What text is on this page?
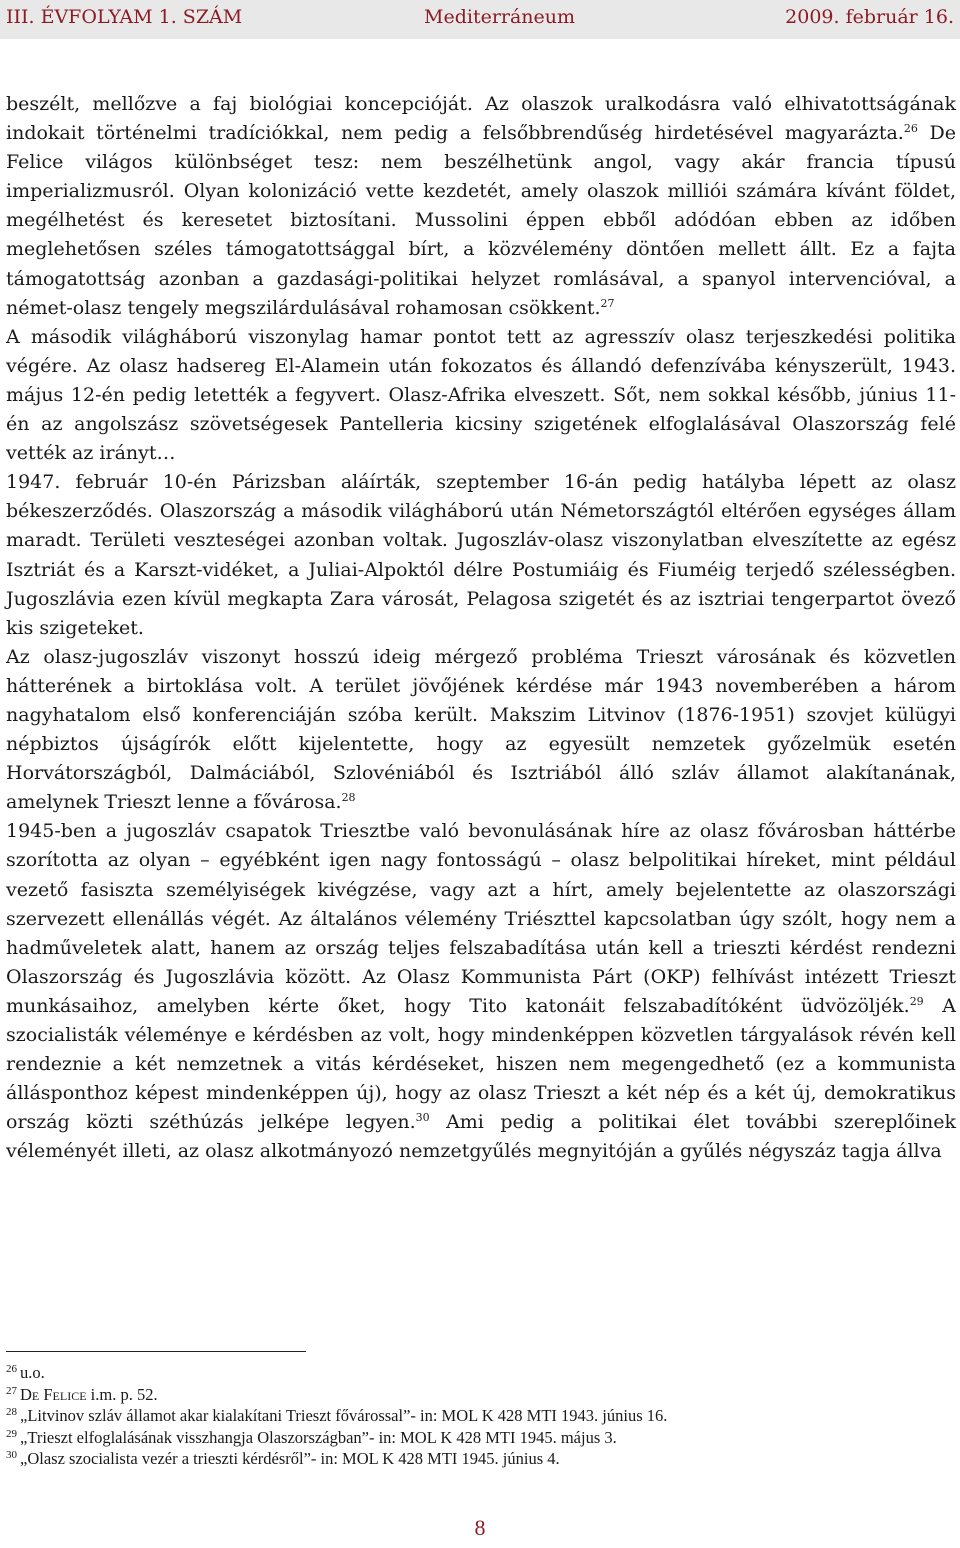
III. ÉVFOLYAM 1. SZÁM	Mediterráneum	2009. február 16.

beszélt, mellőzve a faj biológiai koncepcióját. Az olaszok uralkodásra való elhivatottságának indokait történelmi tradíciókkal, nem pedig a felsőbbrendűség hirdetésével magyarázta.$^{26}$ De Felice világos különbséget tesz: nem beszélhetünk angol, vagy akár francia típusú imperializmusról. Olyan kolonizáció vette kezdetét, amely olaszok milliói számára kívánt földet, megélhetést és keresetet biztosítani. Mussolini éppen ebből adódóan ebben az időben meglehetősen széles támogatottsággal bírt, a közvélemény döntően mellett állt. Ez a fajta támogatottság azonban a gazdasági-politikai helyzet romlásával, a spanyol intervencióval, a német-olasz tengely megszilárdulásával rohamosan csökkent.$^{27}$

A második világháború viszonylag hamar pontot tett az agresszív olasz terjeszkedési politika végére. Az olasz hadsereg El-Alamein után fokozatos és állandó defenzívába kényszerült, 1943. május 12-én pedig letették a fegyvert. Olasz-Afrika elveszett. Sőt, nem sokkal később, június 11-én az angolszász szövetségesek Pantelleria kicsiny szigetének elfoglalásával Olaszország felé vették az irányt…

1947. február 10-én Párizsban aláírták, szeptember 16-án pedig hatályba lépett az olasz békeszerződés. Olaszország a második világháború után Németországtól eltérően egységes állam maradt. Területi veszteségei azonban voltak. Jugoszláv-olasz viszonylatban elveszítette az egész Isztriát és a Karszt-vidéket, a Juliai-Alpoktól délre Postumiáig és Fiuméig terjedő szélességben. Jugoszlávia ezen kívül megkapta Zara városát, Pelagosa szigetét és az isztriai tengerpartot övező kis szigeteket.

Az olasz-jugoszláv viszonyt hosszú ideig mérgező probléma Trieszt városának és közvetlen hátterének a birtoklása volt. A terület jövőjének kérdése már 1943 novemberében a három nagyhatalom első konferenciáján szóba került. Makszim Litvinov (1876-1951) szovjet külügyi népbiztos újságírók előtt kijelentette, hogy az egyesült nemzetek győzelmük esetén Horvátországból, Dalmáciából, Szlovéniából és Isztriából álló szláv államot alakítanának, amelynek Trieszt lenne a fővárosa.$^{28}$

1945-ben a jugoszláv csapatok Triesztbe való bevonulásának híre az olasz fővárosban háttérbe szorította az olyan – egyébként igen nagy fontosságú – olasz belpolitikai híreket, mint például vezető fasiszta személyiségek kivégzése, vagy azt a hírt, amely bejelentette az olaszországi szervezett ellenállás végét. Az általános vélemény Triészttel kapcsolatban úgy szólt, hogy nem a hadműveletek alatt, hanem az ország teljes felszabadítása után kell a trieszti kérdést rendezni Olaszország és Jugoszlávia között. Az Olasz Kommunista Párt (OKP) felhívást intézett Trieszt munkásaihoz, amelyben kérte őket, hogy Tito katonáit felszabadítóként üdvözöljék.$^{29}$ A szocialisták véleménye e kérdésben az volt, hogy mindenképpen közvetlen tárgyalások révén kell rendeznie a két nemzetnek a vitás kérdéseket, hiszen nem megengedhető (ez a kommunista állásponthoz képest mindenképpen új), hogy az olasz Trieszt a két nép és a két új, demokratikus ország közti széthúzás jelképe legyen.$^{30}$ Ami pedig a politikai élet további szereplőinek véleményét illeti, az olasz alkotmányozó nemzetgyűlés megnyitóján a gyűlés négyszáz tagja állva

$^{26}$ u.o.
$^{27}$ De Felice i.m. p. 52.
$^{28}$ „Litvinov szláv államot akar kialakítani Trieszt fővárossal”- in: MOL K 428 MTI 1943. június 16.
$^{29}$ „Trieszt elfoglalásának visszhangja Olaszországban”- in: MOL K 428 MTI 1945. május 3.
$^{30}$ „Olasz szocialista vezér a trieszti kérdésről”- in: MOL K 428 MTI 1945. június 4.
8
